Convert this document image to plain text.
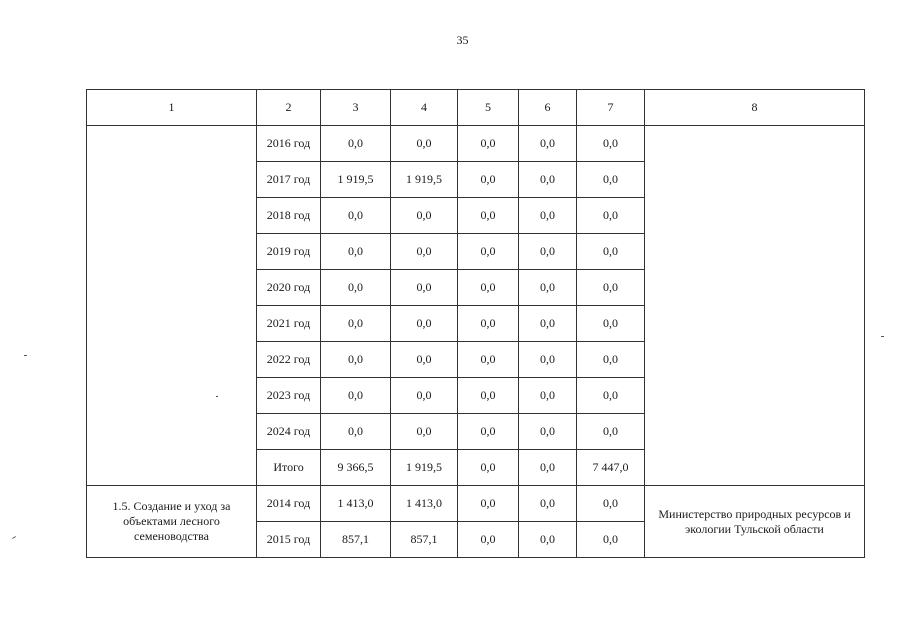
35
1	2	3	4	5	6	7	8
	2016 год	0,0	0,0	0,0	0,0	0,0	
	2017 год	1 919,5	1 919,5	0,0	0,0	0,0	
	2018 год	0,0	0,0	0,0	0,0	0,0	
	2019 год	0,0	0,0	0,0	0,0	0,0	
	2020 год	0,0	0,0	0,0	0,0	0,0	
	2021 год	0,0	0,0	0,0	0,0	0,0	
	2022 год	0,0	0,0	0,0	0,0	0,0	
	2023 год	0,0	0,0	0,0	0,0	0,0	
	2024 год	0,0	0,0	0,0	0,0	0,0	
	Итого	9 366,5	1 919,5	0,0	0,0	7 447,0	
1.5. Создание и уход за объектами лесного семеноводства	2014 год	1 413,0	1 413,0	0,0	0,0	0,0	Министерство природных ресурсов и экологии Тульской области
	2015 год	857,1	857,1	0,0	0,0	0,0	
